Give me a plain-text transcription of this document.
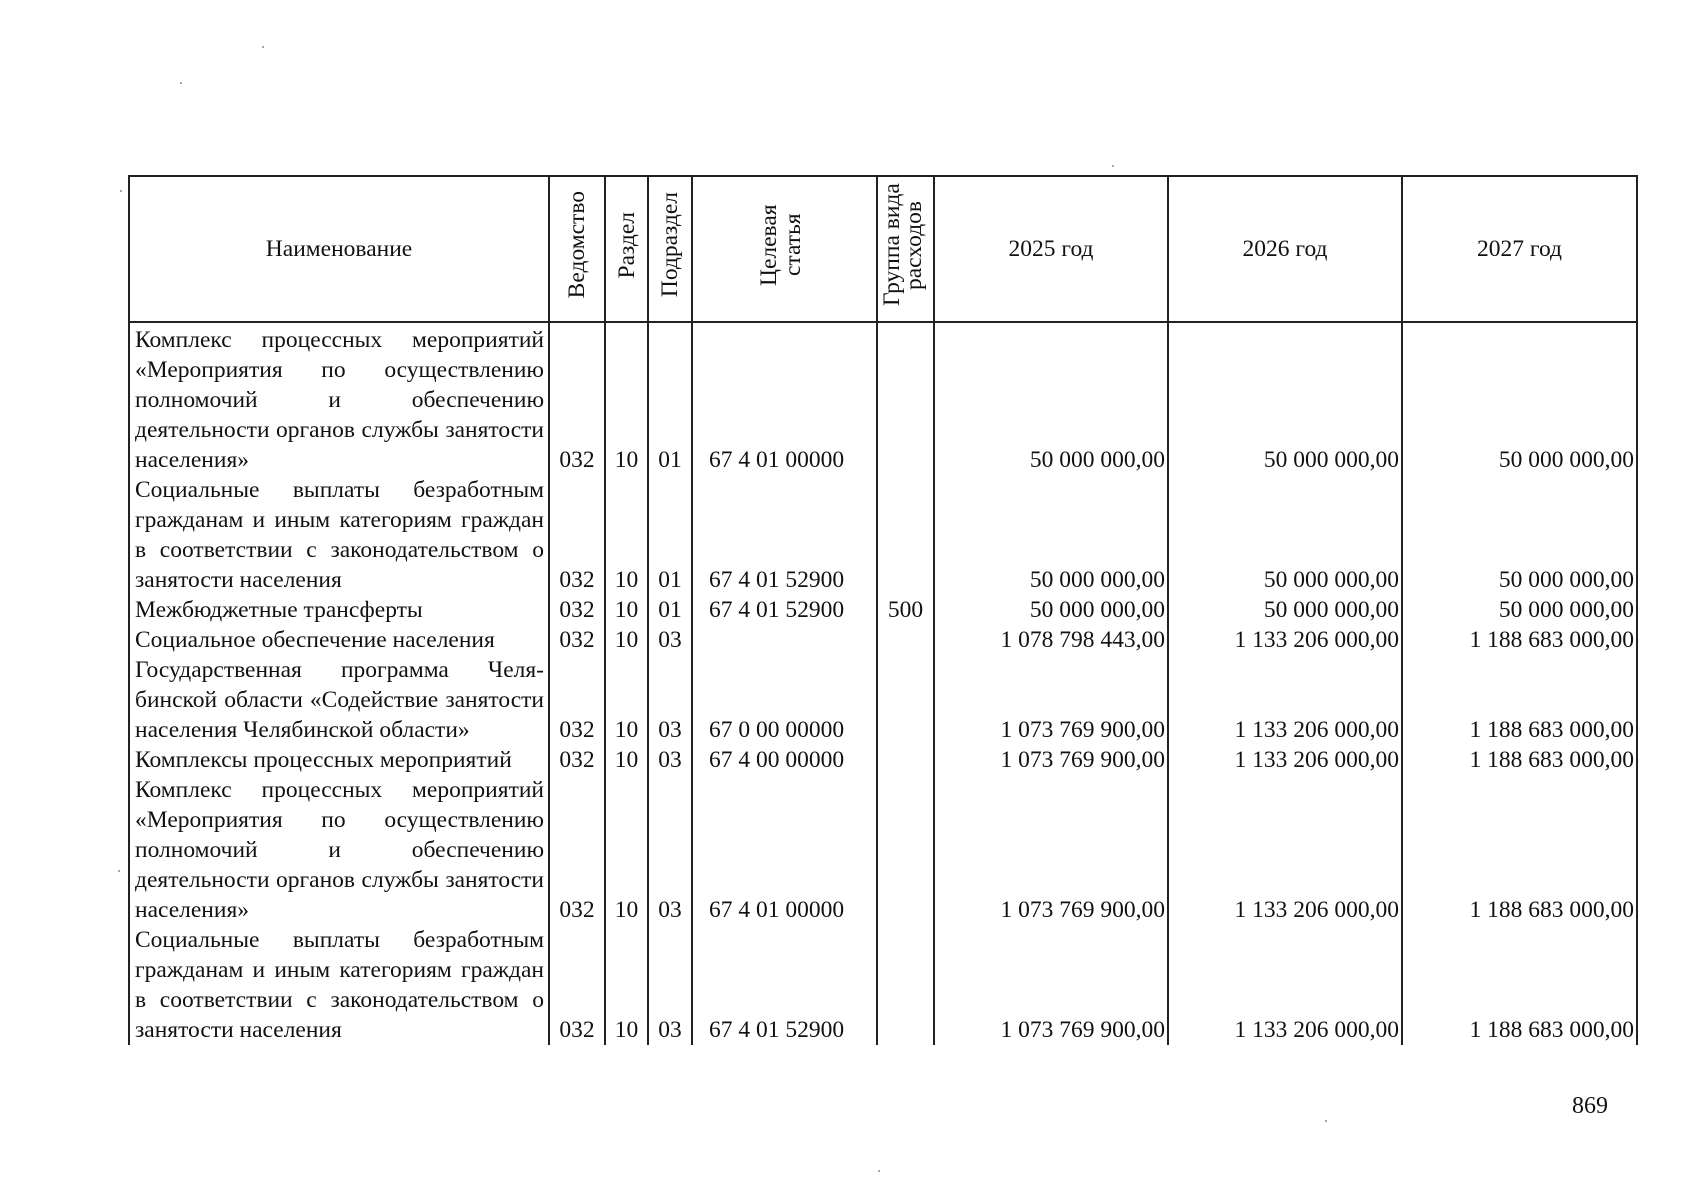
Наименование	Ведомство	Раздел	Подраздел	Целевая статья	Группа вида расходов	2025 год	2026 год	2027 год
Комплекс процессных мероприятий «Мероприятия по осуществлению полномочий и обеспечению деятельности органов службы занятости населения»	032	10	01	67 4 01 00000		50 000 000,00	50 000 000,00	50 000 000,00
Социальные выплаты безработным гражданам и иным категориям граждан в соответствии с законодательством о занятости населения	032	10	01	67 4 01 52900		50 000 000,00	50 000 000,00	50 000 000,00
Межбюджетные трансферты	032	10	01	67 4 01 52900	500	50 000 000,00	50 000 000,00	50 000 000,00
Социальное обеспечение населения	032	10	03			1 078 798 443,00	1 133 206 000,00	1 188 683 000,00
Государственная программа Челябинской области «Содействие занятости населения Челябинской области»	032	10	03	67 0 00 00000		1 073 769 900,00	1 133 206 000,00	1 188 683 000,00
Комплексы процессных мероприятий	032	10	03	67 4 00 00000		1 073 769 900,00	1 133 206 000,00	1 188 683 000,00
Комплекс процессных мероприятий «Мероприятия по осуществлению полномочий и обеспечению деятельности органов службы занятости населения»	032	10	03	67 4 01 00000		1 073 769 900,00	1 133 206 000,00	1 188 683 000,00
Социальные выплаты безработным гражданам и иным категориям граждан в соответствии с законодательством о занятости населения	032	10	03	67 4 01 52900		1 073 769 900,00	1 133 206 000,00	1 188 683 000,00
869
